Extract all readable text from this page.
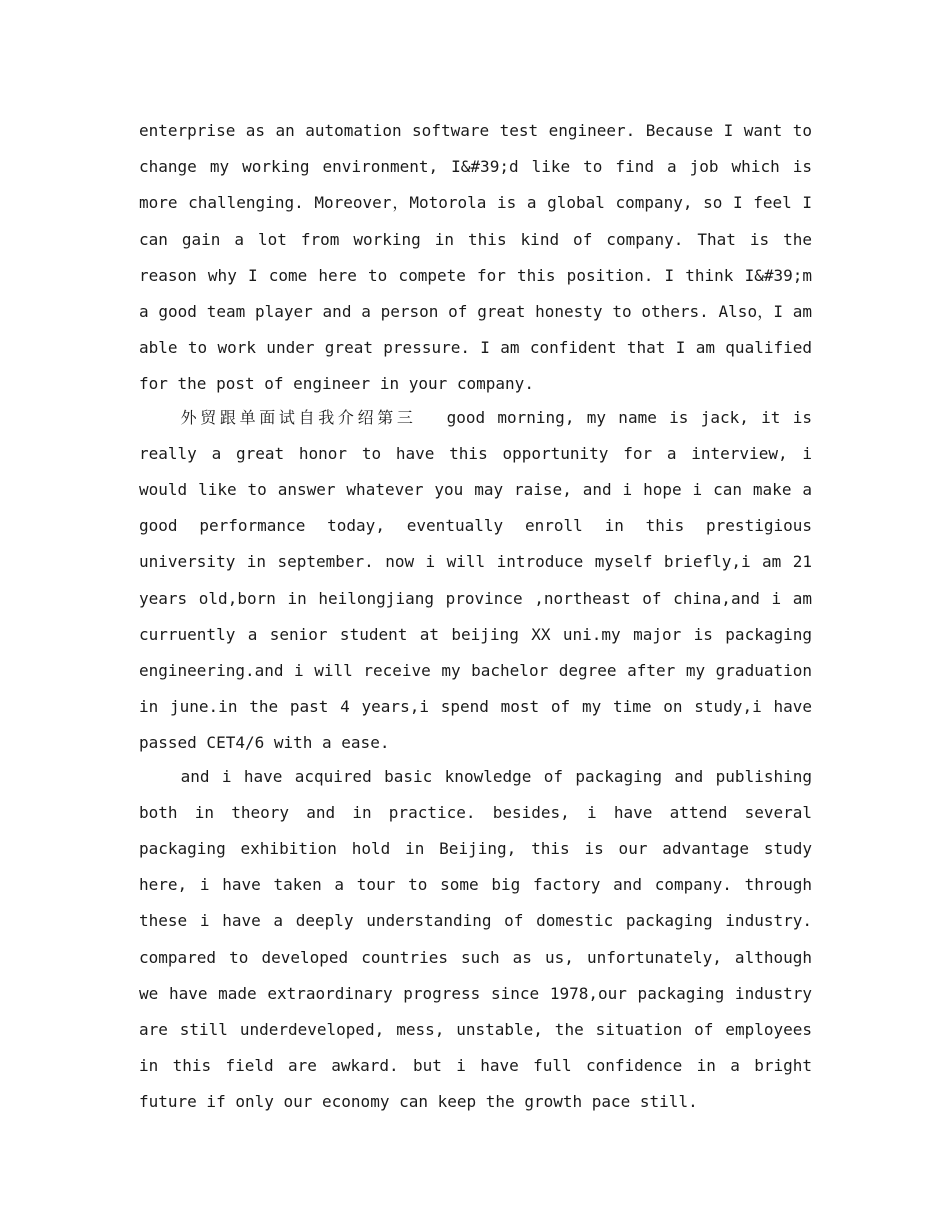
enterprise as an automation software test engineer. Because I want to change my working environment, I&#39;d like to find a job which is more challenging. Moreover，Motorola is a global company, so I feel I can gain a lot from working in this kind of company. That is the reason why I come here to compete for this position. I think I&#39;m a good team player and a person of great honesty to others. Also，I am able to work under great pressure. I am confident that I am qualified for the post of engineer in your company.

外贸跟单面试自我介绍第三 good morning, my name is jack, it is really a great honor to have this opportunity for a interview, i would like to answer whatever you may raise, and i hope i can make a good performance today, eventually enroll in this prestigious university in september. now i will introduce myself briefly,i am 21 years old,born in heilongjiang province ,northeast of china,and i am curruently a senior student at beijing XX uni.my major is packaging engineering.and i will receive my bachelor degree after my graduation in june.in the past 4 years,i spend most of my time on study,i have passed CET4/6 with a ease.

and i have acquired basic knowledge of packaging and publishing both in theory and in practice. besides, i have attend several packaging exhibition hold in Beijing, this is our advantage study here, i have taken a tour to some big factory and company. through these i have a deeply understanding of domestic packaging industry. compared to developed countries such as us, unfortunately, although we have made extraordinary progress since 1978,our packaging industry are still underdeveloped, mess, unstable, the situation of employees in this field are awkard. but i have full confidence in a bright future if only our economy can keep the growth pace still.
